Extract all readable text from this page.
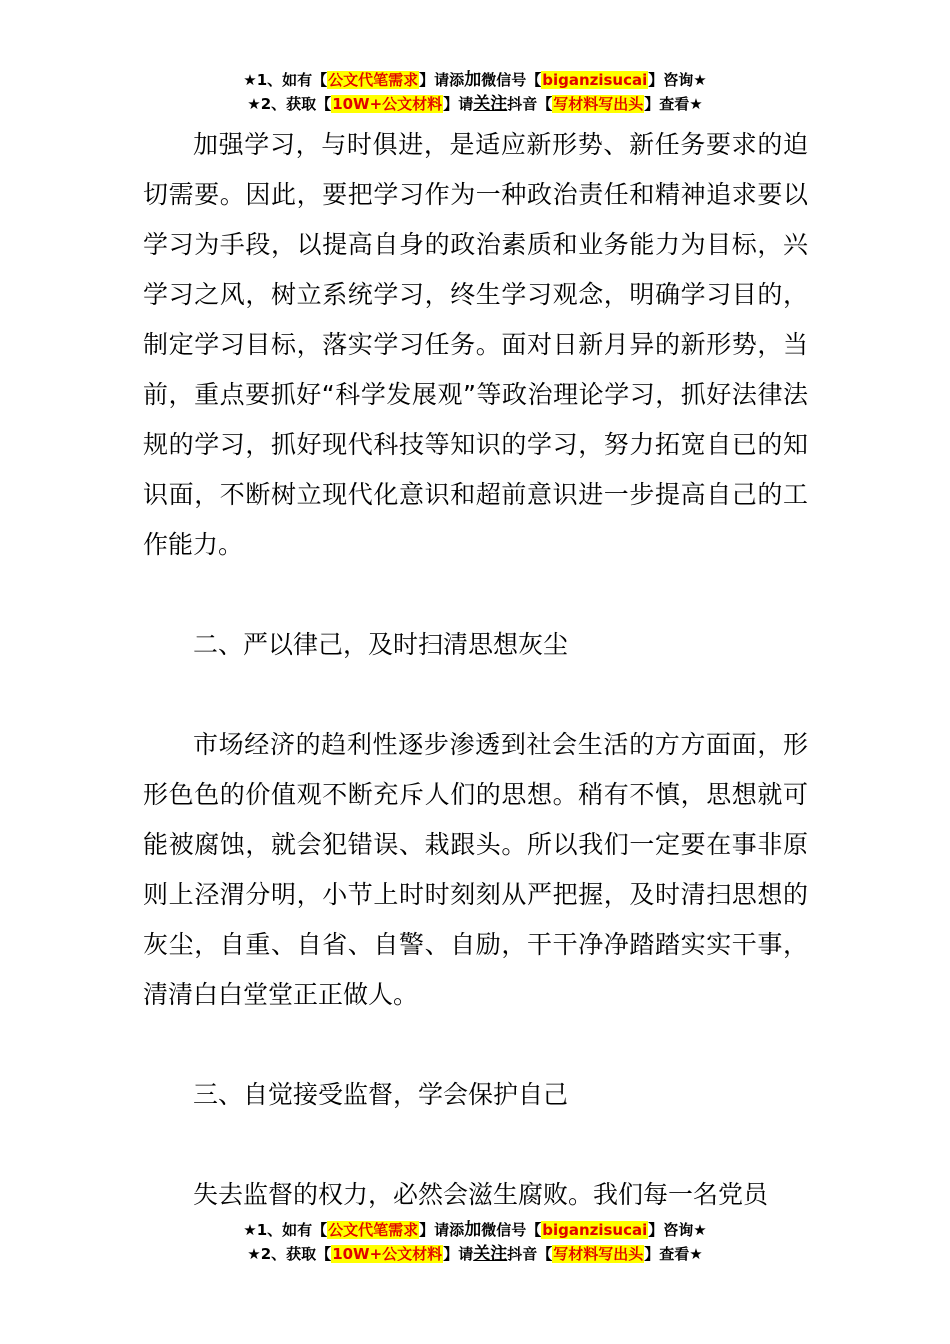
★1、如有【公文代笔需求】请添加微信号【biganzisucai】咨询★
★2、获取【10W+公文材料】请关注抖音【写材料写出头】查看★

加强学习，与时俱进，是适应新形势、新任务要求的迫切需要。因此，要把学习作为一种政治责任和精神追求要以学习为手段，以提高自身的政治素质和业务能力为目标，兴学习之风，树立系统学习，终生学习观念，明确学习目的，制定学习目标，落实学习任务。面对日新月异的新形势，当前，重点要抓好“科学发展观”等政治理论学习，抓好法律法规的学习，抓好现代科技等知识的学习，努力拓宽自已的知识面，不断树立现代化意识和超前意识进一步提高自己的工作能力。

二、严以律己，及时扫清思想灰尘

市场经济的趋利性逐步渗透到社会生活的方方面面，形形色色的价值观不断充斥人们的思想。稍有不慎，思想就可能被腐蚀，就会犯错误、栽跟头。所以我们一定要在事非原则上泾渭分明，小节上时时刻刻从严把握，及时清扫思想的灰尘，自重、自省、自警、自励，干干净净踏踏实实干事，清清白白堂堂正正做人。

三、自觉接受监督，学会保护自己

失去监督的权力，必然会滋生腐败。我们每一名党员

★1、如有【公文代笔需求】请添加微信号【biganzisucai】咨询★
★2、获取【10W+公文材料】请关注抖音【写材料写出头】查看★
